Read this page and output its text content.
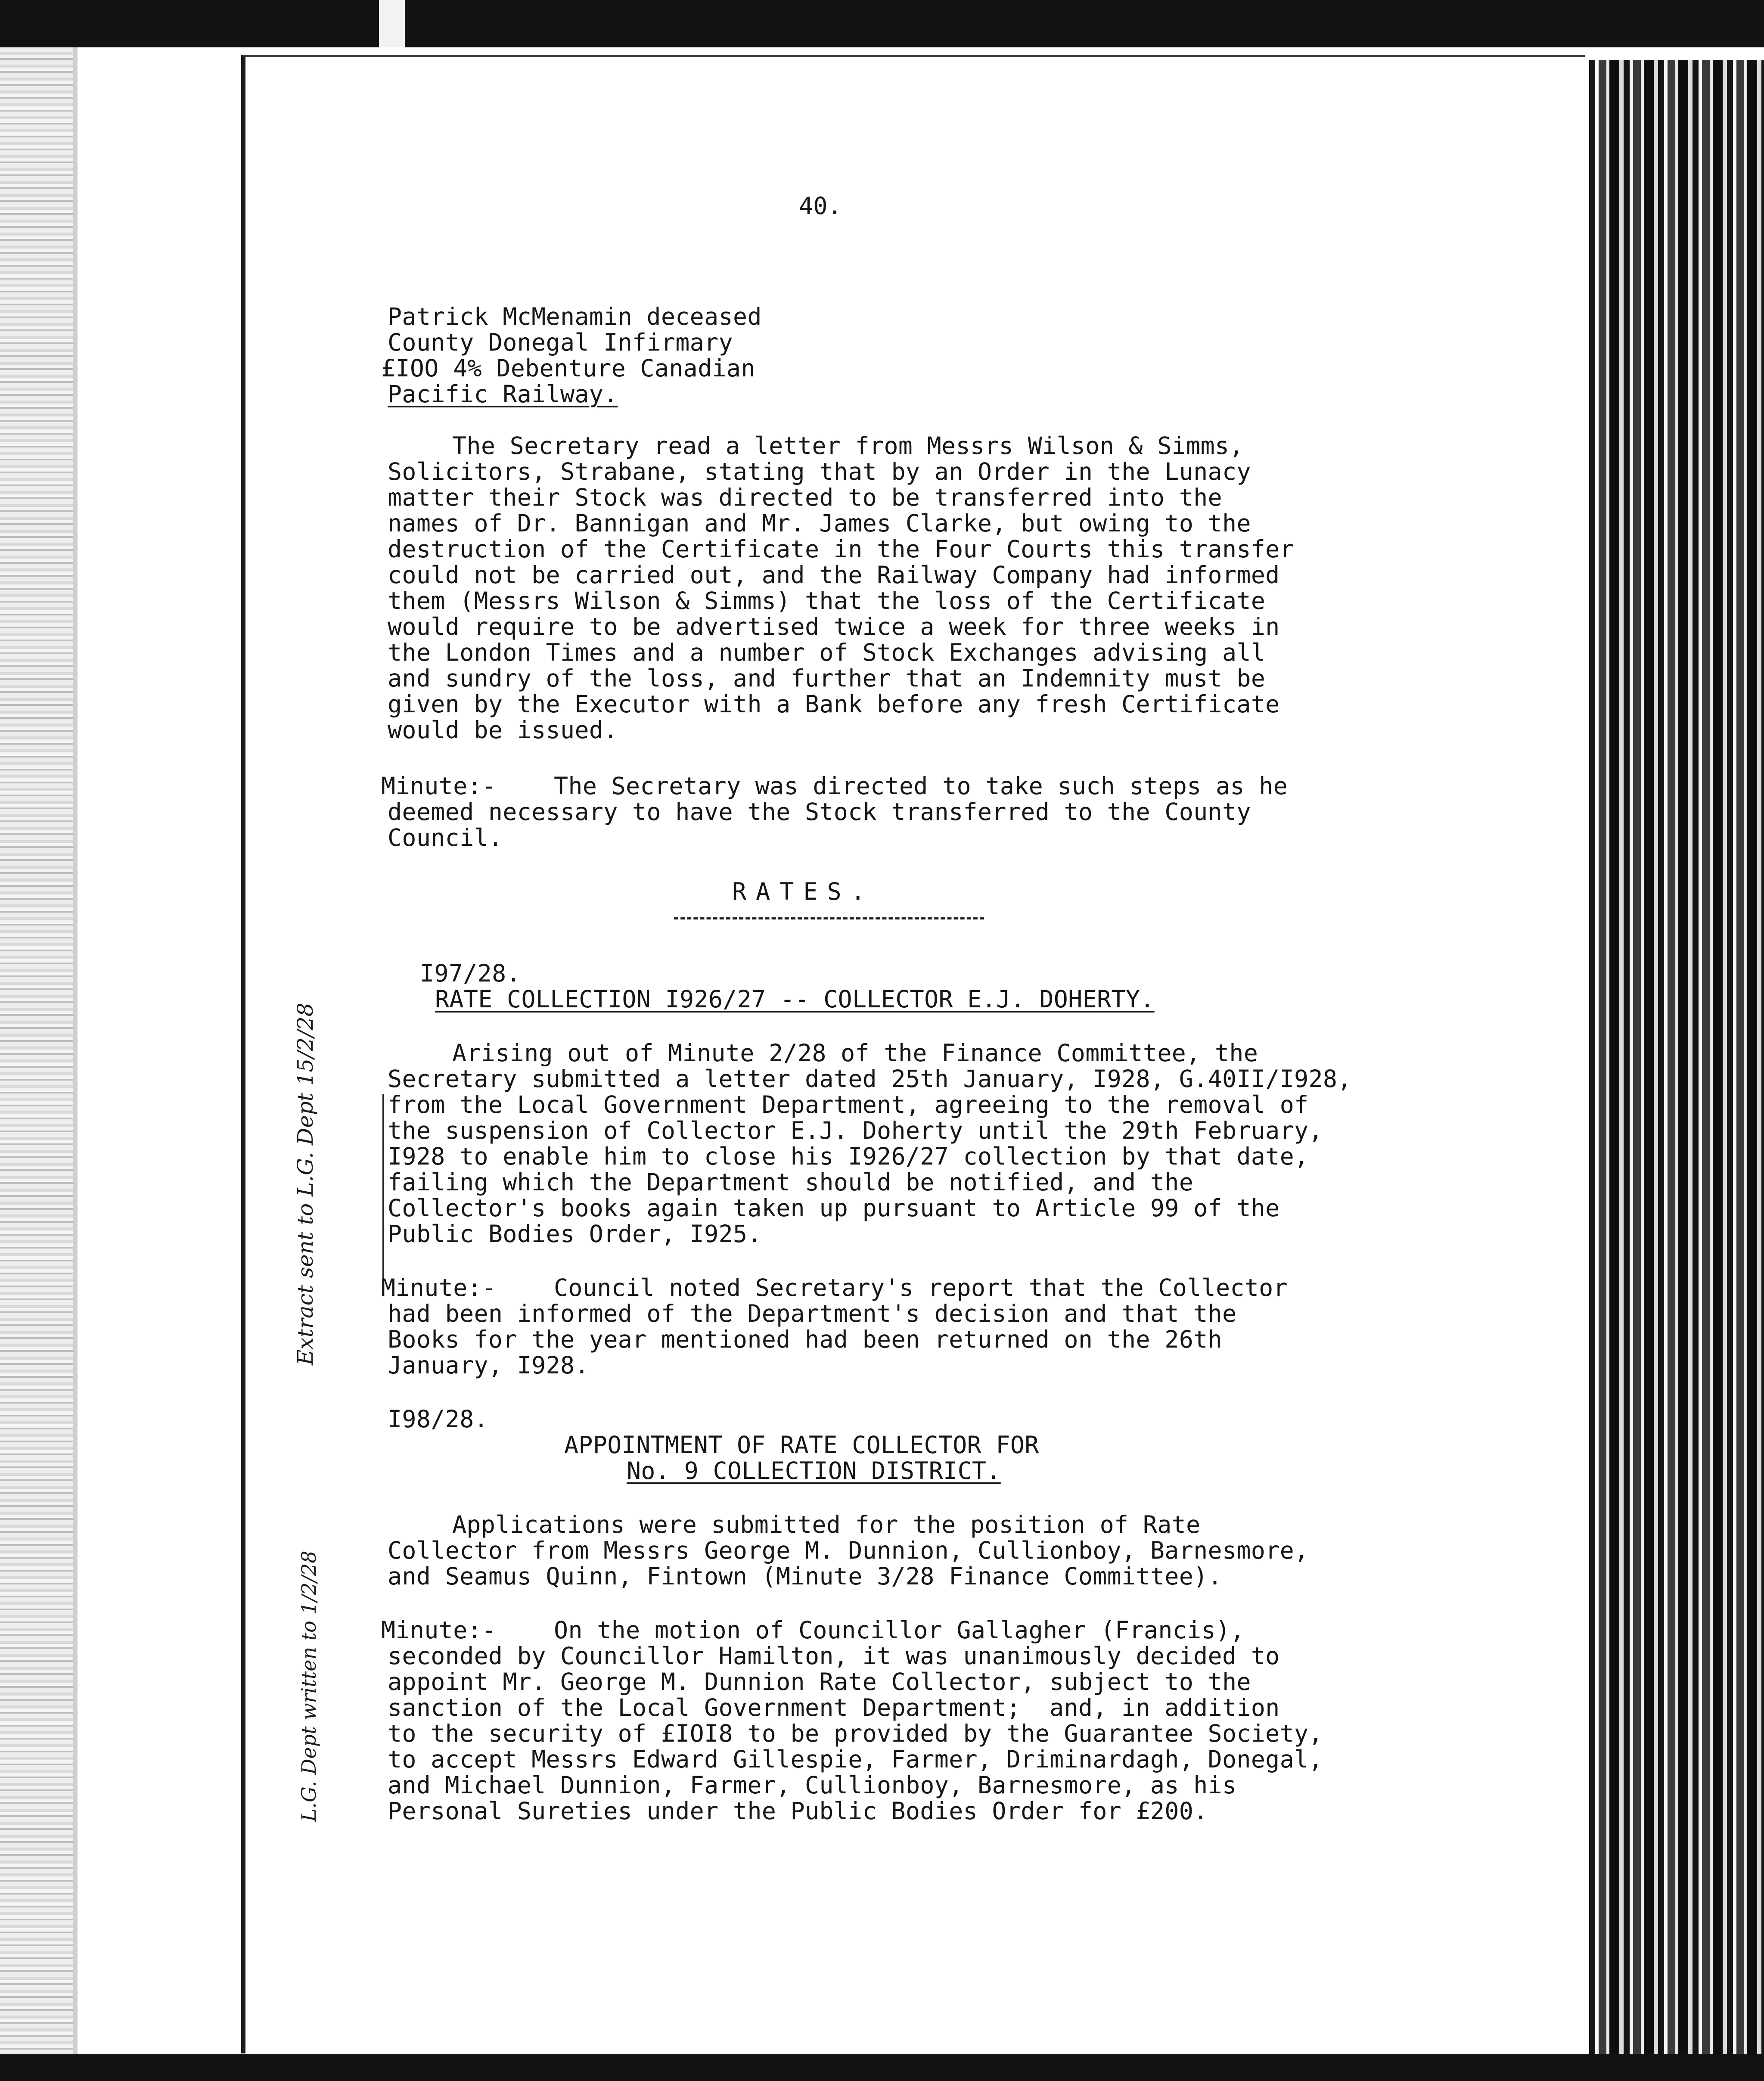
40.
Patrick McMenamin deceased
County Donegal Infirmary
£IOO 4% Debenture Canadian
Pacific Railway.
The Secretary read a letter from Messrs Wilson & Simms,
Solicitors, Strabane, stating that by an Order in the Lunacy
matter their Stock was directed to be transferred into the
names of Dr. Bannigan and Mr. James Clarke, but owing to the
destruction of the Certificate in the Four Courts this transfer
could not be carried out, and the Railway Company had informed
them (Messrs Wilson & Simms) that the loss of the Certificate
would require to be advertised twice a week for three weeks in
the London Times and a number of Stock Exchanges advising all
and sundry of the loss, and further that an Indemnity must be
given by the Executor with a Bank before any fresh Certificate
would be issued.
Minute:-    The Secretary was directed to take such steps as he
deemed necessary to have the Stock transferred to the County
Council.
RATES.
I97/28.
RATE COLLECTION I926/27 -- COLLECTOR E.J. DOHERTY.
Arising out of Minute 2/28 of the Finance Committee, the
Secretary submitted a letter dated 25th January, I928, G.40II/I928,
from the Local Government Department, agreeing to the removal of
the suspension of Collector E.J. Doherty until the 29th February,
I928 to enable him to close his I926/27 collection by that date,
failing which the Department should be notified, and the
Collector's books again taken up pursuant to Article 99 of the
Public Bodies Order, I925.
Extract sent to L.G. Dept 15/2/28	Minute:-    Council noted Secretary's report that the Collector
had been informed of the Department's decision and that the
Books for the year mentioned had been returned on the 26th
January, I928.
I98/28.
APPOINTMENT OF RATE COLLECTOR FOR
No. 9 COLLECTION DISTRICT.
Applications were submitted for the position of Rate
Collector from Messrs George M. Dunnion, Cullionboy, Barnesmore,
and Seamus Quinn, Fintown (Minute 3/28 Finance Committee).
Minute:-    On the motion of Councillor Gallagher (Francis),
seconded by Councillor Hamilton, it was unanimously decided to
appoint Mr. George M. Dunnion Rate Collector, subject to the
sanction of the Local Government Department;  and, in addition
to the security of £IOI8 to be provided by the Guarantee Society,
to accept Messrs Edward Gillespie, Farmer, Driminardagh, Donegal,
and Michael Dunnion, Farmer, Cullionboy, Barnesmore, as his
Personal Sureties under the Public Bodies Order for £200.
L.G. Dept written to 1/2/28
